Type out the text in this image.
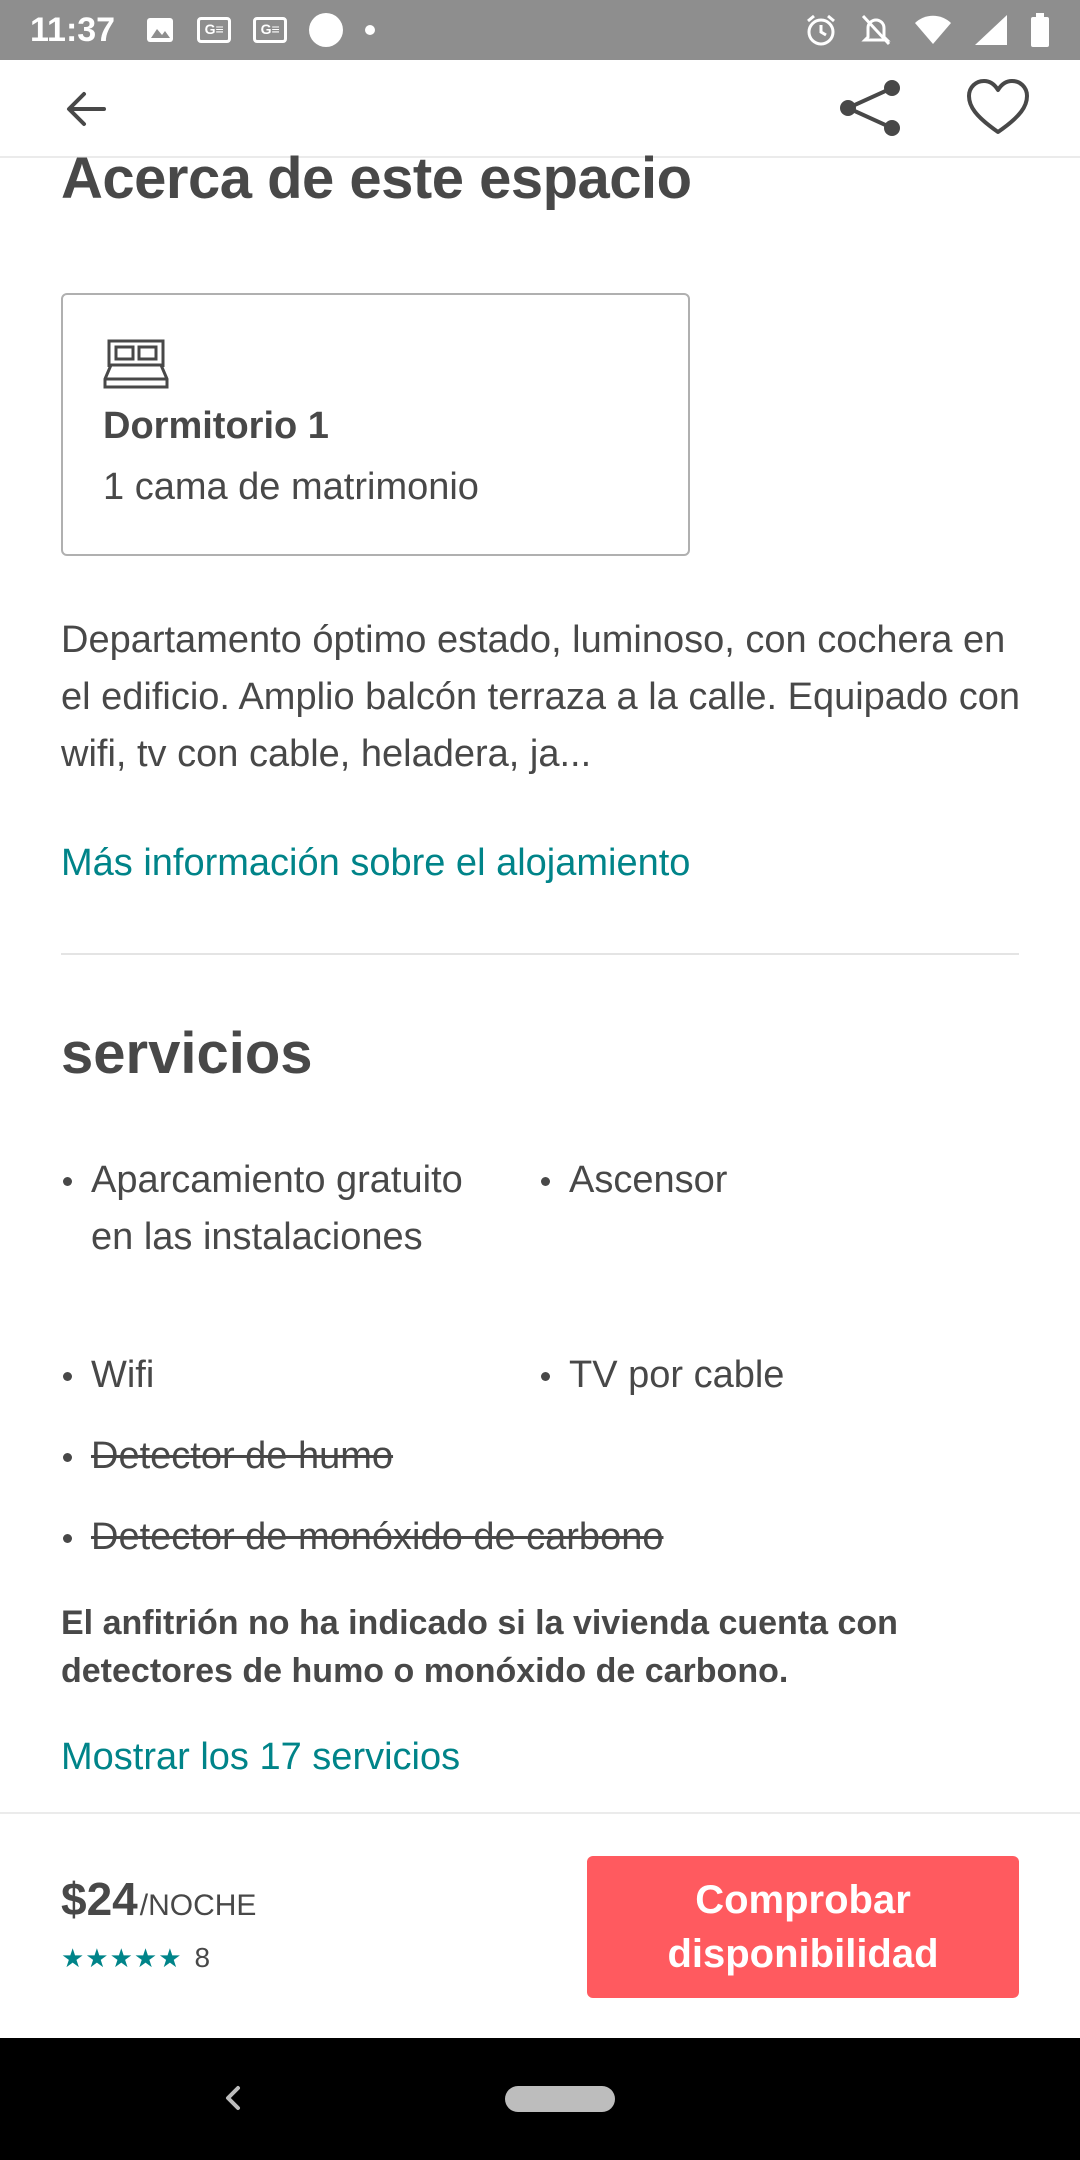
11:37	G≡	G≡
Acerca de este espacio
Dormitorio 1
1 cama de matrimonio

Departamento óptimo estado, luminoso, con cochera en el edificio. Amplio balcón terraza a la calle. Equipado con wifi, tv con cable, heladera, ja...

Más información sobre el alojamiento
servicios
Aparcamiento gratuito en las instalaciones
Ascensor
Wifi	TV por cable
Detector de humo
Detector de monóxido de carbono

El anfitrión no ha indicado si la vivienda cuenta con detectores de humo o monóxido de carbono.

Mostrar los 17 servicios
$24/NOCHE
★★★★★ 8
Comprobar disponibilidad
